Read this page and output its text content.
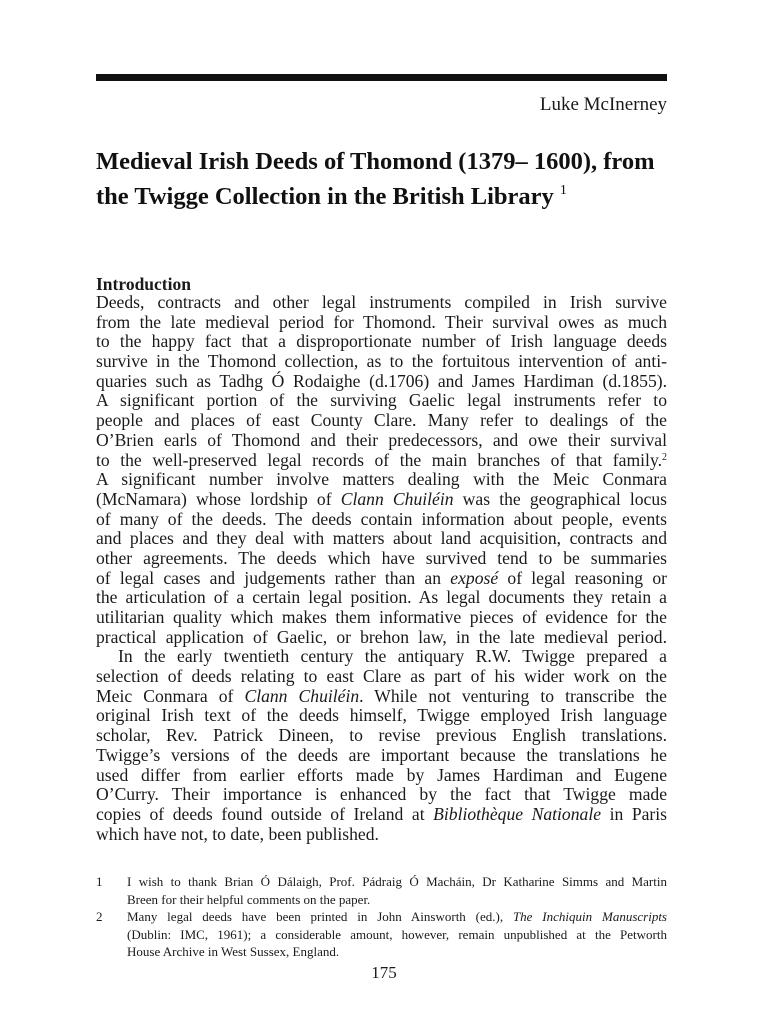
Luke McInerney
Medieval Irish Deeds of Thomond (1379– 1600), from the Twigge Collection in the British Library $^1$
Introduction
Deeds, contracts and other legal instruments compiled in Irish survive
from the late medieval period for Thomond. Their survival owes as much
to the happy fact that a disproportionate number of Irish language deeds
survive in the Thomond collection, as to the fortuitous intervention of anti-
quaries such as Tadhg Ó Rodaighe (d.1706) and James Hardiman (d.1855).
A significant portion of the surviving Gaelic legal instruments refer to
people and places of east County Clare. Many refer to dealings of the
O’Brien earls of Thomond and their predecessors, and owe their survival
to the well-preserved legal records of the main branches of that family.$^2$
A significant number involve matters dealing with the Meic Conmara
(McNamara) whose lordship of Clann Chuiléin was the geographical locus
of many of the deeds. The deeds contain information about people, events
and places and they deal with matters about land acquisition, contracts and
other agreements. The deeds which have survived tend to be summaries
of legal cases and judgements rather than an exposé of legal reasoning or
the articulation of a certain legal position. As legal documents they retain a
utilitarian quality which makes them informative pieces of evidence for the
practical application of Gaelic, or brehon law, in the late medieval period.
In the early twentieth century the antiquary R.W. Twigge prepared a
selection of deeds relating to east Clare as part of his wider work on the
Meic Conmara of Clann Chuiléin. While not venturing to transcribe the
original Irish text of the deeds himself, Twigge employed Irish language
scholar, Rev. Patrick Dineen, to revise previous English translations.
Twigge’s versions of the deeds are important because the translations he
used differ from earlier efforts made by James Hardiman and Eugene
O’Curry. Their importance is enhanced by the fact that Twigge made
copies of deeds found outside of Ireland at Bibliothèque Nationale in Paris
which have not, to date, been published.
1	I wish to thank Brian Ó Dálaigh, Prof. Pádraig Ó Macháin, Dr Katharine Simms and Martin
Breen for their helpful comments on the paper.
2	Many legal deeds have been printed in John Ainsworth (ed.), The Inchiquin Manuscripts
(Dublin: IMC, 1961); a considerable amount, however, remain unpublished at the Petworth
House Archive in West Sussex, England.
175
